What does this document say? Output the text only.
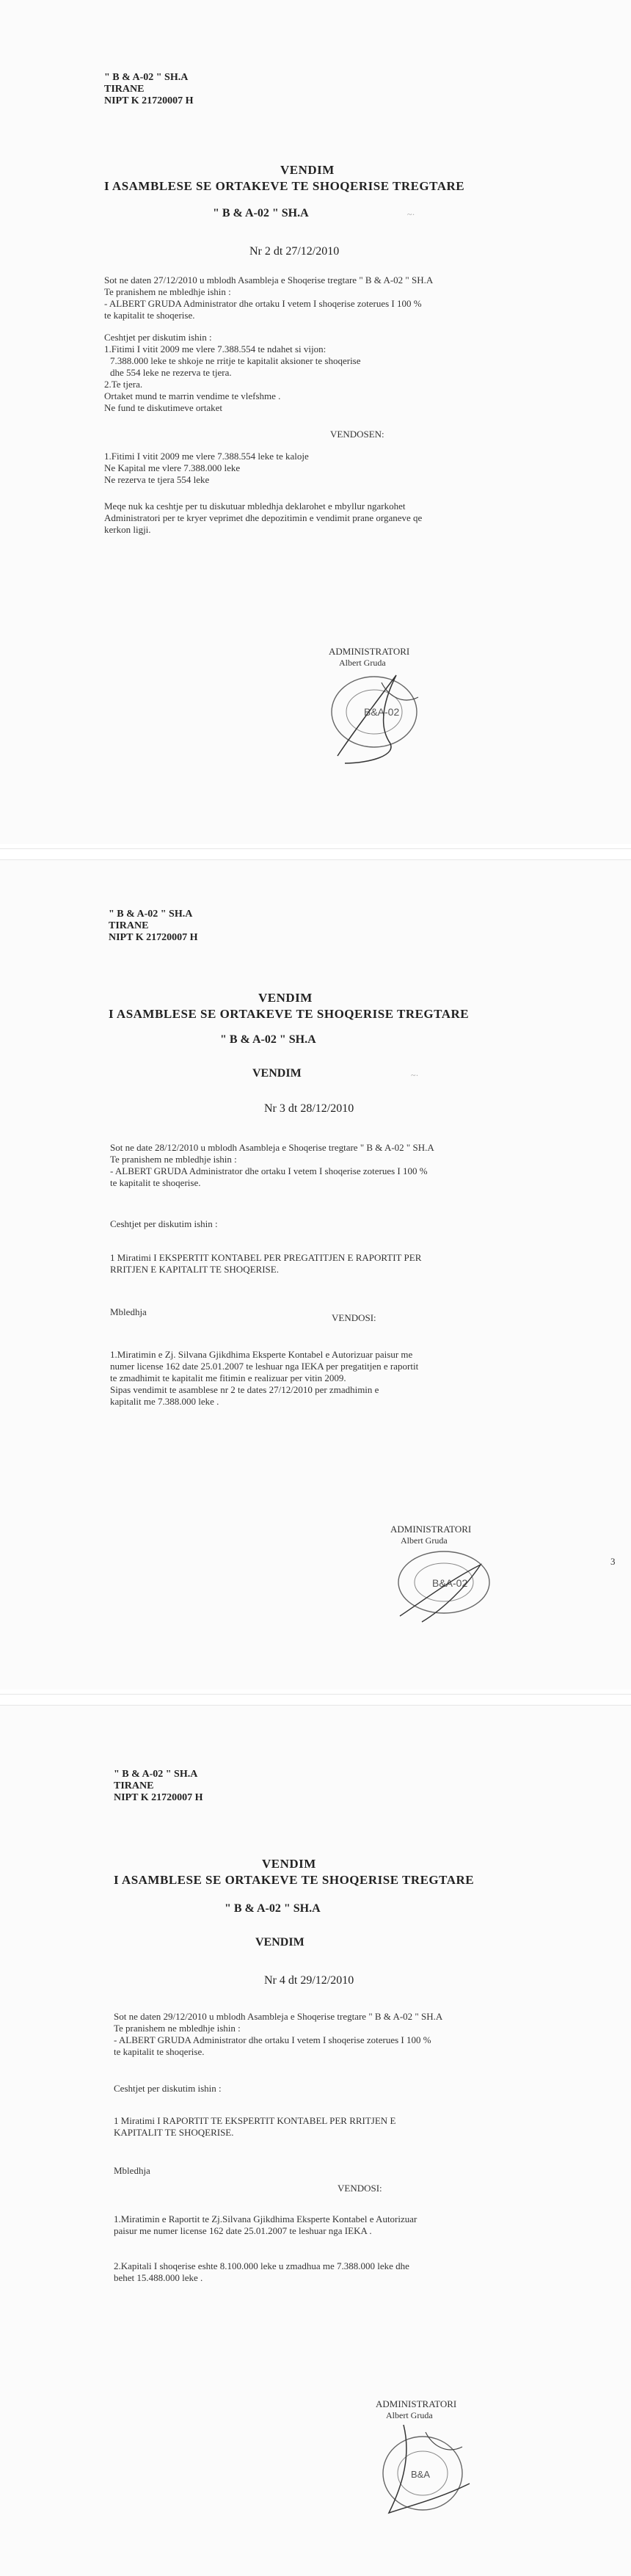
" B & A-02 " SH.A
TIRANE
NIPT K 21720007 H
VENDIM
I ASAMBLESE SE ORTAKEVE TE SHOQERISE TREGTARE
" B & A-02 " SH.A	~·
Nr 2 dt 27/12/2010
Sot ne daten 27/12/2010 u mblodh Asambleja e Shoqerise tregtare " B & A-02 " SH.A
Te pranishem ne mbledhje ishin :
- ALBERT GRUDA Administrator dhe ortaku I vetem I shoqerise zoterues I 100 %
te kapitalit te shoqerise.
Ceshtjet per diskutim ishin :
1.Fitimi I vitit 2009 me vlere 7.388.554 te ndahet si vijon:
7.388.000 leke te shkoje ne rritje te kapitalit aksioner te shoqerise
dhe 554 leke ne rezerva te tjera.
2.Te tjera.
Ortaket mund te marrin vendime te vlefshme .
Ne fund te diskutimeve ortaket
VENDOSEN:
1.Fitimi I vitit 2009 me vlere 7.388.554 leke te kaloje
Ne Kapital me vlere 7.388.000 leke
Ne rezerva te tjera 554 leke
Meqe nuk ka ceshtje per tu diskutuar mbledhja deklarohet e mbyllur ngarkohet
Administratori per te kryer veprimet dhe depozitimin e vendimit prane organeve qe
kerkon ligji.
ADMINISTRATORI
Albert Gruda
B&A-02
" B & A-02 " SH.A
TIRANE
NIPT K 21720007 H
VENDIM
I ASAMBLESE SE ORTAKEVE TE SHOQERISE TREGTARE
" B & A-02 " SH.A
VENDIM	~·
Nr 3 dt 28/12/2010
Sot ne date 28/12/2010 u mblodh Asambleja e Shoqerise tregtare " B & A-02 " SH.A
Te pranishem ne mbledhje ishin :
- ALBERT GRUDA Administrator dhe ortaku I vetem I shoqerise zoterues I 100 %
te kapitalit te shoqerise.
Ceshtjet per diskutim ishin :
1 Miratimi I EKSPERTIT KONTABEL PER PREGATITJEN E RAPORTIT PER
RRITJEN E KAPITALIT TE SHOQERISE.
Mbledhja
VENDOSI:
1.Miratimin e Zj. Silvana Gjikdhima Eksperte Kontabel e Autorizuar paisur me
numer license 162 date 25.01.2007 te leshuar nga IEKA per pregatitjen e raportit
te zmadhimit te kapitalit me fitimin e realizuar per vitin 2009.
Sipas vendimit te asamblese nr 2 te dates 27/12/2010 per zmadhimin e
kapitalit me 7.388.000 leke .
ADMINISTRATORI
Albert Gruda
3
B&A-02
" B & A-02 " SH.A
TIRANE
NIPT K 21720007 H
VENDIM
I ASAMBLESE SE ORTAKEVE TE SHOQERISE TREGTARE
" B & A-02 " SH.A
VENDIM
Nr 4 dt 29/12/2010
Sot ne daten 29/12/2010 u mblodh Asambleja e Shoqerise tregtare " B & A-02 " SH.A
Te pranishem ne mbledhje ishin :
- ALBERT GRUDA Administrator dhe ortaku I vetem I shoqerise zoterues I 100 %
te kapitalit te shoqerise.
Ceshtjet per diskutim ishin :
1 Miratimi I RAPORTIT TE EKSPERTIT KONTABEL PER RRITJEN E
KAPITALIT TE SHOQERISE.
Mbledhja
VENDOSI:
1.Miratimin e Raportit te Zj.Silvana Gjikdhima Eksperte Kontabel e Autorizuar
paisur me numer license 162 date 25.01.2007 te leshuar nga IEKA .
2.Kapitali I shoqerise eshte 8.100.000 leke u zmadhua me 7.388.000 leke dhe
behet 15.488.000 leke .
ADMINISTRATORI
Albert Gruda
B&A
